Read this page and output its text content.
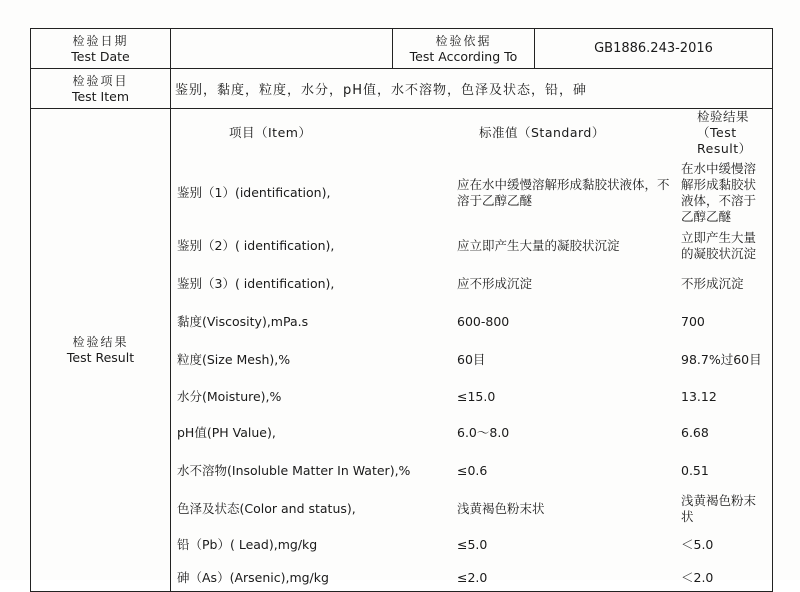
检验日期
Test Date

检验依据
Test According To	GB1886.243-2016

检验项目
Test Item	鉴别，黏度，粒度，水分，pH值，水不溶物，色泽及状态，铅，砷

检验结果
Test Result

项目（Item）	标准值（Standard）	检验结果（Test Result）
鉴别（1）(identification),	应在水中缓慢溶解形成黏胶状液体，不溶于乙醇乙醚	在水中缓慢溶解形成黏胶状液体，不溶于乙醇乙醚
鉴别（2）( identification),	应立即产生大量的凝胶状沉淀	立即产生大量的凝胶状沉淀
鉴别（3）( identification),	应不形成沉淀	不形成沉淀
黏度(Viscosity),mPa.s	600-800	700
粒度(Size Mesh),%	60目	98.7%过60目
水分(Moisture),%	≤15.0	13.12
pH值(PH Value),	6.0～8.0	6.68
水不溶物(Insoluble Matter In Water),%	≤0.6	0.51
色泽及状态(Color and status),	浅黄褐色粉末状	浅黄褐色粉末状
铅（Pb）( Lead),mg/kg	≤5.0	＜5.0
砷（As）(Arsenic),mg/kg	≤2.0	＜2.0
